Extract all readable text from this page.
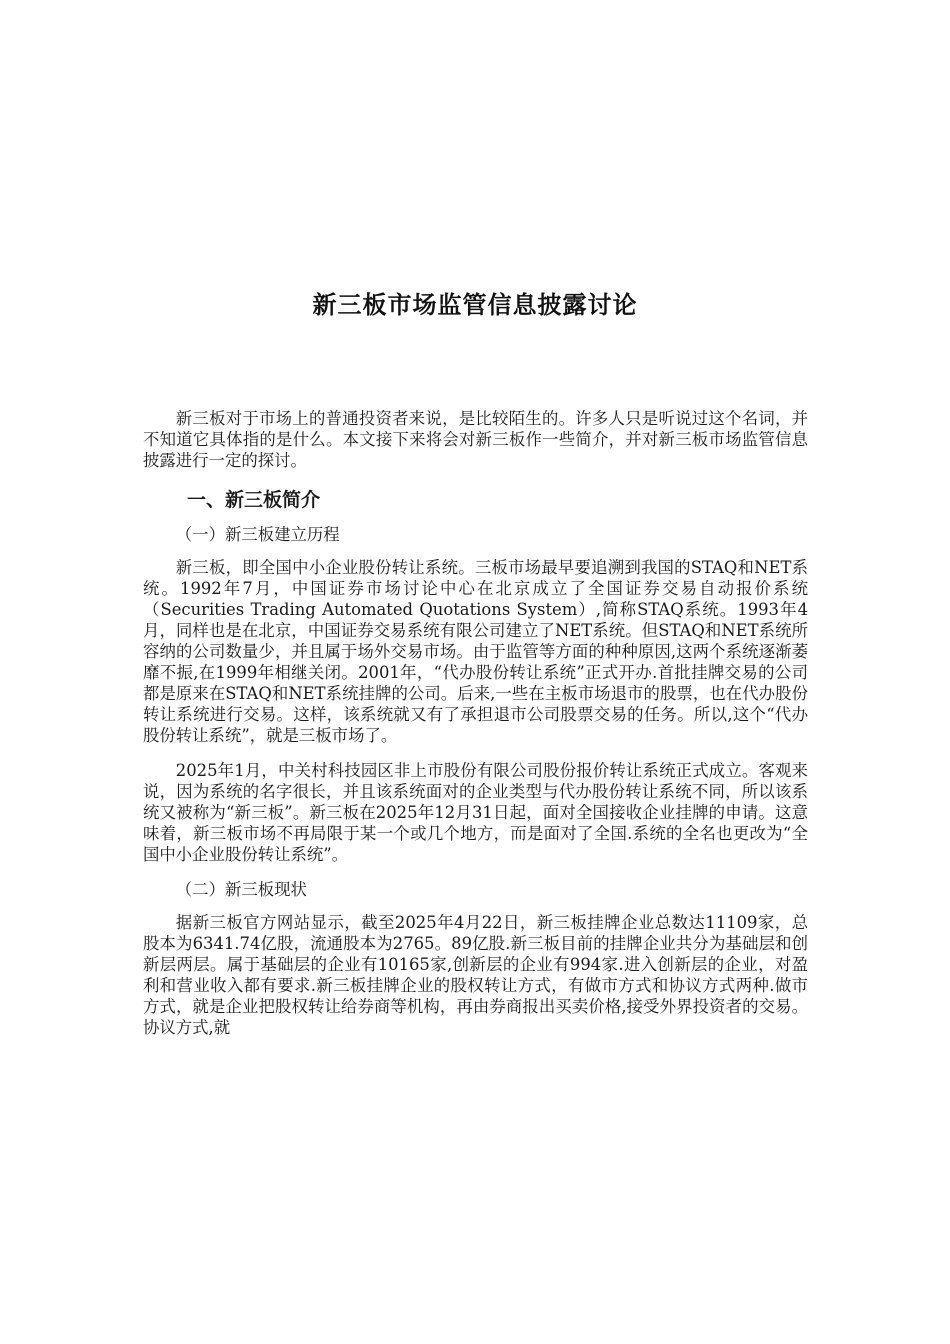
新三板市场监管信息披露讨论

新三板对于市场上的普通投资者来说，是比较陌生的。许多人只是听说过这个名词，并不知道它具体指的是什么。本文接下来将会对新三板作一些简介，并对新三板市场监管信息披露进行一定的探讨。

一、新三板简介
（一）新三板建立历程

新三板，即全国中小企业股份转让系统。三板市场最早要追溯到我国的STAQ和NET系统。1992年7月，中国证券市场讨论中心在北京成立了全国证券交易自动报价系统（Securities Trading Automated Quotations System）,简称STAQ系统。1993年4月，同样也是在北京，中国证券交易系统有限公司建立了NET系统。但STAQ和NET系统所容纳的公司数量少，并且属于场外交易市场。由于监管等方面的种种原因,这两个系统逐渐萎靡不振,在1999年相继关闭。2001年，“代办股份转让系统”正式开办.首批挂牌交易的公司都是原来在STAQ和NET系统挂牌的公司。后来,一些在主板市场退市的股票，也在代办股份转让系统进行交易。这样，该系统就又有了承担退市公司股票交易的任务。所以,这个“代办股份转让系统”，就是三板市场了。

2025年1月，中关村科技园区非上市股份有限公司股份报价转让系统正式成立。客观来说，因为系统的名字很长，并且该系统面对的企业类型与代办股份转让系统不同，所以该系统又被称为“新三板”。新三板在2025年12月31日起，面对全国接收企业挂牌的申请。这意味着，新三板市场不再局限于某一个或几个地方，而是面对了全国.系统的全名也更改为“全国中小企业股份转让系统”。

（二）新三板现状

据新三板官方网站显示，截至2025年4月22日，新三板挂牌企业总数达11109家，总股本为6341.74亿股，流通股本为2765。89亿股.新三板目前的挂牌企业共分为基础层和创新层两层。属于基础层的企业有10165家,创新层的企业有994家.进入创新层的企业，对盈利和营业收入都有要求.新三板挂牌企业的股权转让方式，有做市方式和协议方式两种.做市方式，就是企业把股权转让给券商等机构，再由券商报出买卖价格,接受外界投资者的交易。协议方式,就
